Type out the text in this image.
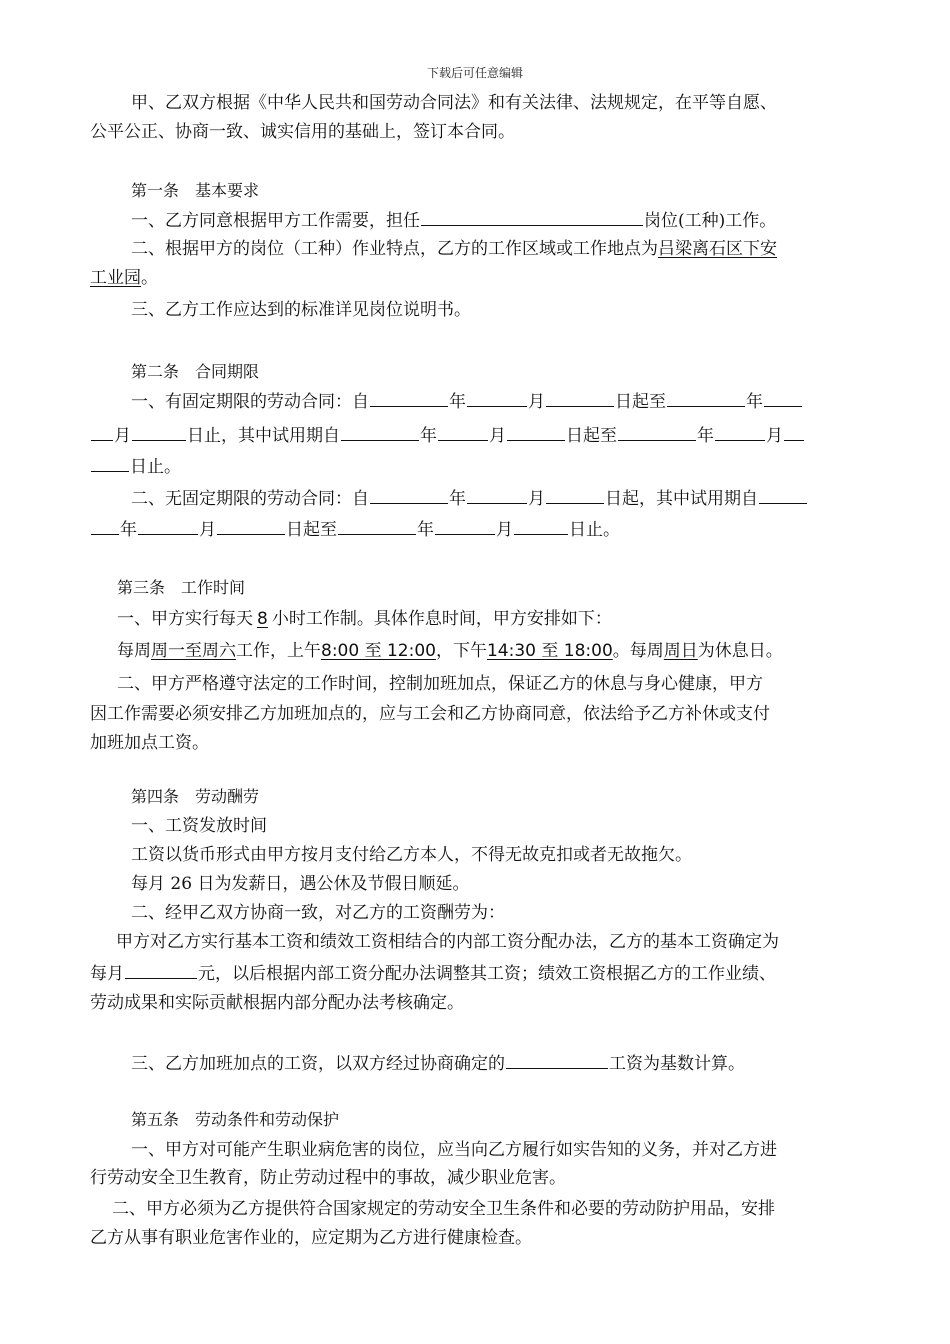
下载后可任意编辑
甲、乙双方根据《中华人民共和国劳动合同法》和有关法律、法规规定，在平等自愿、
公平公正、协商一致、诚实信用的基础上，签订本合同。
第一条　基本要求
一、乙方同意根据甲方工作需要，担任	岗位(工种)工作。
二、根据甲方的岗位（工种）作业特点，乙方的工作区域或工作地点为吕梁离石区下安
工业园。
三、乙方工作应达到的标准详见岗位说明书。
第二条　合同期限
一、有固定期限的劳动合同：自	年	月	日起至	年
月	日止，其中试用期自	年	月	日起至	年	月
日止。
二、无固定期限的劳动合同：自	年	月	日起，其中试用期自
年	月	日起至	年	月	日止。
第三条　工作时间
一、甲方实行每天 8 小时工作制。具体作息时间，甲方安排如下：
每周周一至周六工作，上午8:00 至 12:00，下午14:30 至 18:00。每周周日为休息日。
二、甲方严格遵守法定的工作时间，控制加班加点，保证乙方的休息与身心健康，甲方
因工作需要必须安排乙方加班加点的，应与工会和乙方协商同意，依法给予乙方补休或支付
加班加点工资。
第四条　劳动酬劳
一、工资发放时间
工资以货币形式由甲方按月支付给乙方本人，不得无故克扣或者无故拖欠。
每月 26 日为发薪日，遇公休及节假日顺延。
二、经甲乙双方协商一致，对乙方的工资酬劳为：
甲方对乙方实行基本工资和绩效工资相结合的内部工资分配办法，乙方的基本工资确定为
每月	元，以后根据内部工资分配办法调整其工资；绩效工资根据乙方的工作业绩、
劳动成果和实际贡献根据内部分配办法考核确定。
三、乙方加班加点的工资，以双方经过协商确定的	工资为基数计算。
第五条　劳动条件和劳动保护
一、甲方对可能产生职业病危害的岗位，应当向乙方履行如实告知的义务，并对乙方进
行劳动安全卫生教育，防止劳动过程中的事故，减少职业危害。
二、甲方必须为乙方提供符合国家规定的劳动安全卫生条件和必要的劳动防护用品，安排
乙方从事有职业危害作业的，应定期为乙方进行健康检查。
